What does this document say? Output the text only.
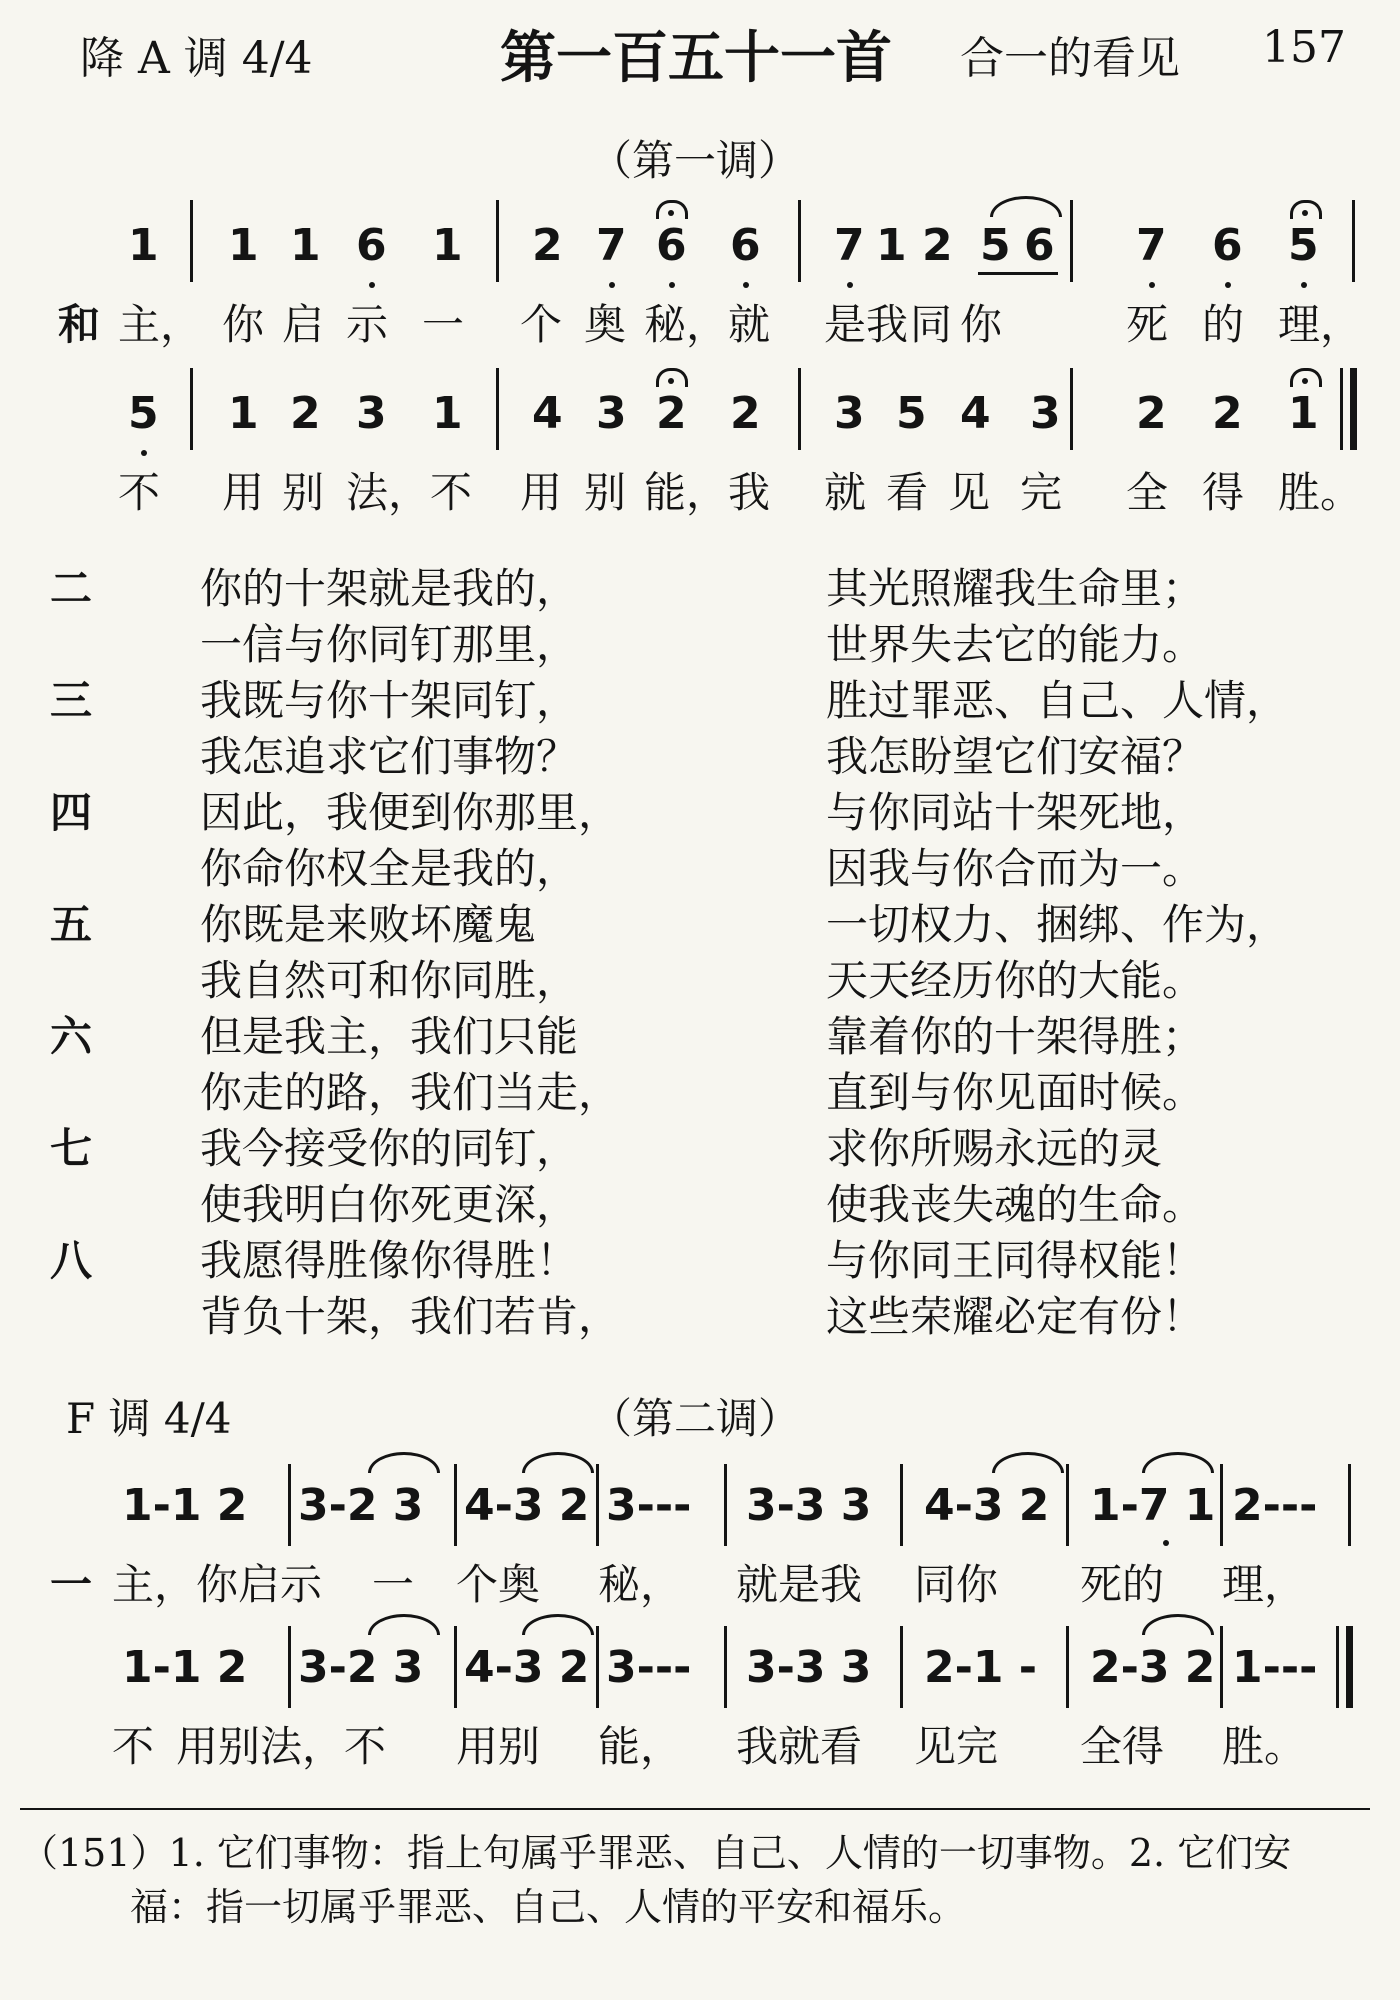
降 A 调 4/4	第一百五十一首 合一的看见 157
（第一调）
1 1 1 6 1 2 7 6 6 7 1 2 5 6 7 6 5
和 主， 你 启 示 一 个 奥 秘，就 是 我 同 你	死 的 理，
5 1 2 3 1 4 3 2 2 3 5 4 3 2 2 1
不 用 别 法，不 用 别 能，我 就 看 见 完 全 得 胜。
二	你的十架就是我的，	其光照耀我生命里；
一信与你同钉那里，	世界失去它的能力。
三	我既与你十架同钉，	胜过罪恶、自己、人情，
我怎追求它们事物？	我怎盼望它们安福？
四	因此，我便到你那里，	与你同站十架死地，
你命你权全是我的，	因我与你合而为一。
五	你既是来败坏魔鬼	一切权力、捆绑、作为，
我自然可和你同胜，	天天经历你的大能。
六	但是我主，我们只能	靠着你的十架得胜；
你走的路，我们当走，	直到与你见面时候。
七	我今接受你的同钉，	求你所赐永远的灵
使我明白你死更深，	使我丧失魂的生命。
八	我愿得胜像你得胜！	与你同王同得权能！
背负十架，我们若肯，	这些荣耀必定有份！
F 调 4/4	（第二调）
1-1 2 3-2 3 4-3 2 3--- 3-3 3 4-3 2 1-7 1 2---
一 主，你启示 一 个奥 秘， 就是我 同你 死的 理，
1-1 2 3-2 3 4-3 2 3--- 3-3 3 2-1 - 2-3 2 1---
不 用别法，不 用别 能， 我就看 见完 全得 胜。
（151）1. 它们事物：指上句属乎罪恶、自己、人情的一切事物。2. 它们安
福：指一切属乎罪恶、自己、人情的平安和福乐。
